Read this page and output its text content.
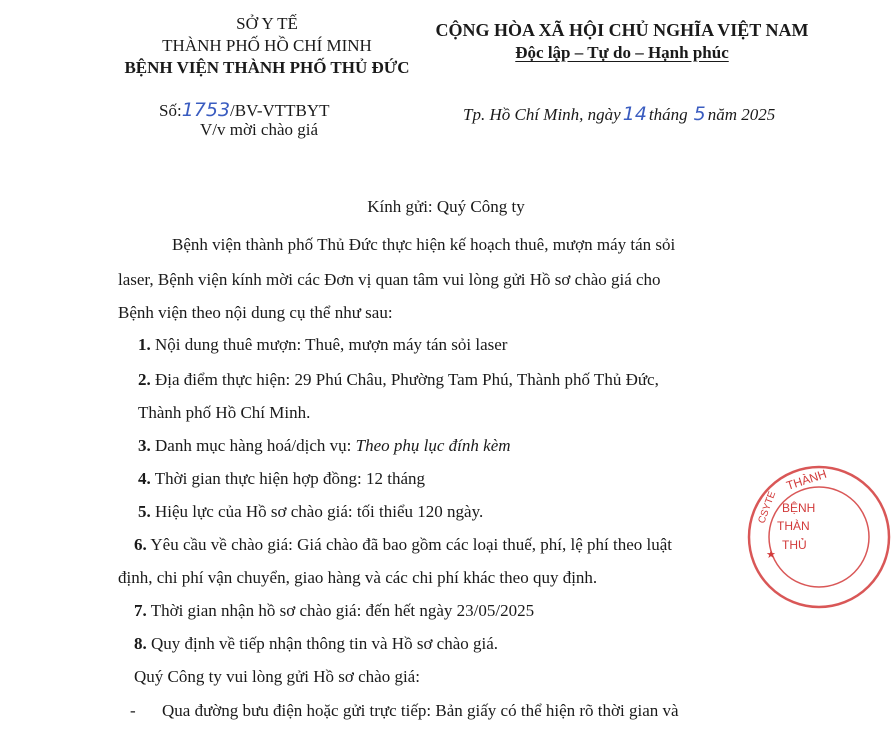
SỞ Y TẾ
THÀNH PHỐ HỒ CHÍ MINH
BỆNH VIỆN THÀNH PHỐ THỦ ĐỨC
Số:1753/BV-VTTBYT
V/v mời chào giá
CỘNG HÒA XÃ HỘI CHỦ NGHĨA VIỆT NAM
Độc lập – Tự do – Hạnh phúc
Tp. Hồ Chí Minh, ngày 14 tháng 5 năm 2025
Kính gửi: Quý Công ty
Bệnh viện thành phố Thủ Đức thực hiện kế hoạch thuê, mượn máy tán sỏi
laser, Bệnh viện kính mời các Đơn vị quan tâm vui lòng gửi Hồ sơ chào giá cho
Bệnh viện theo nội dung cụ thể như sau:
1. Nội dung thuê mượn: Thuê, mượn máy tán sỏi laser
2. Địa điểm thực hiện: 29 Phú Châu, Phường Tam Phú, Thành phố Thủ Đức,
Thành phố Hồ Chí Minh.
3. Danh mục hàng hoá/dịch vụ: Theo phụ lục đính kèm
4. Thời gian thực hiện hợp đồng: 12 tháng
5. Hiệu lực của Hồ sơ chào giá: tối thiểu 120 ngày.
6. Yêu cầu về chào giá: Giá chào đã bao gồm các loại thuế, phí, lệ phí theo luật
định, chi phí vận chuyển, giao hàng và các chi phí khác theo quy định.
7. Thời gian nhận hồ sơ chào giá: đến hết ngày 23/05/2025
8. Quy định về tiếp nhận thông tin và Hồ sơ chào giá.
Quý Công ty vui lòng gửi Hồ sơ chào giá:
- Qua đường bưu điện hoặc gửi trực tiếp: Bản giấy có thể hiện rõ thời gian và
THÀNH
CSYTE BỆNH
THÀN
THỦ
★
